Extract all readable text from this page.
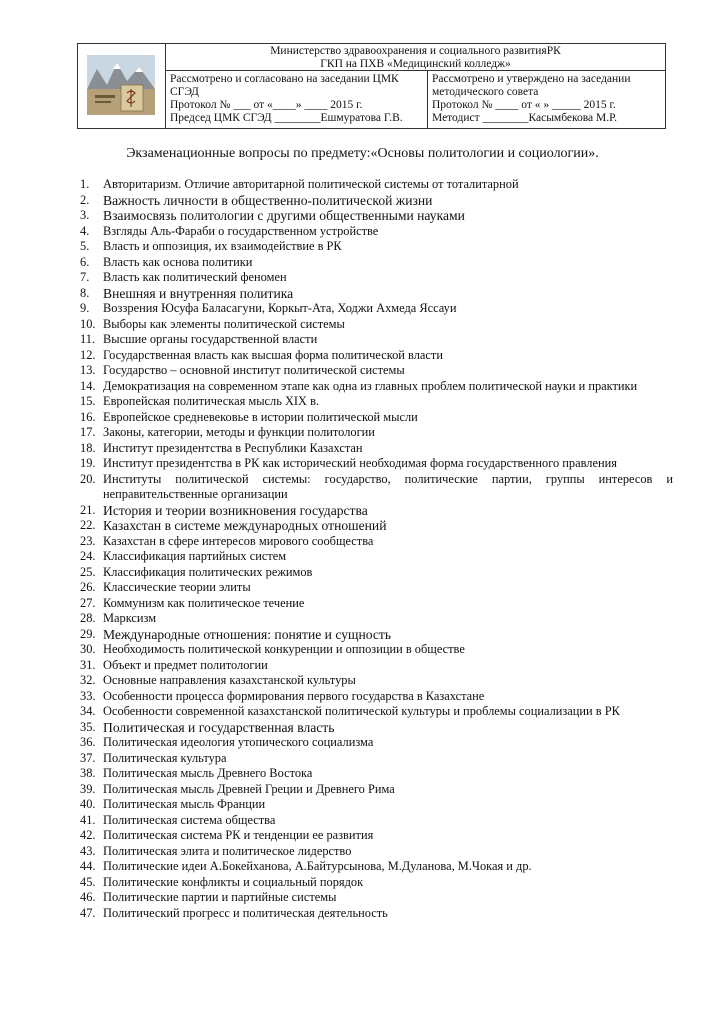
Министерство здравоохранения и социального развитияРК
ГКП на ПХВ «Медицинский колледж»
Рассмотрено и согласовано на заседании ЦМК
СГЭД
Протокол № ___ от «____» ____ 2015 г.
Председ ЦМК СГЭД ________Ешмуратова Г.В.
Рассмотрено и утверждено на заседании
методического совета
Протокол № ____ от « » _____ 2015 г.
Методист ________Касымбекова М.Р.
Экзаменационные вопросы по предмету:«Основы политологии и социологии».
1. Авторитаризм. Отличие авторитарной политической системы от тоталитарной
2. Важность личности в общественно-политической жизни
3. Взаимосвязь политологии с другими общественными науками
4. Взгляды Аль-Фараби о государственном устройстве
5. Власть и оппозиция, их взаимодействие в РК
6. Власть как основа политики
7. Власть как политический феномен
8. Внешняя и внутренняя политика
9. Воззрения Юсуфа Баласагуни, Коркыт-Ата, Ходжи Ахмеда Яссауи
10. Выборы как элементы политической системы
11. Высшие органы государственной власти
12. Государственная власть как высшая форма политической власти
13. Государство – основной институт политической системы
14. Демократизация на современном этапе как одна из главных проблем политической науки и практики
15. Европейская политическая мысль XIX в.
16. Европейское средневековье в истории политической мысли
17. Законы, категории, методы и функции политологии
18. Институт президентства в Республики Казахстан
19. Институт президентства в РК как исторический необходимая форма государственного правления
20. Институты политической системы: государство, политические партии, группы интересов и неправительственные организации
21. История и теории возникновения государства
22. Казахстан в системе международных отношений
23. Казахстан в сфере интересов мирового сообщества
24. Классификация партийных систем
25. Классификация политических режимов
26. Классические теории элиты
27. Коммунизм как политическое течение
28. Марксизм
29. Международные отношения: понятие и сущность
30. Необходимость политической конкуренции и оппозиции в обществе
31. Объект и предмет политологии
32. Основные направления казахстанской культуры
33. Особенности процесса формирования первого государства в Казахстане
34. Особенности современной казахстанской политической культуры и проблемы социализации в РК
35. Политическая и государственная власть
36. Политическая идеология утопического социализма
37. Политическая культура
38. Политическая мысль Древнего Востока
39. Политическая мысль Древней Греции и Древнего Рима
40. Политическая мысль Франции
41. Политическая система общества
42. Политическая система РК и тенденции ее развития
43. Политическая элита и политическое лидерство
44. Политические идеи А.Бокейханова, А.Байтурсынова, М.Дуланова, М.Чокая и др.
45. Политические конфликты и социальный порядок
46. Политические партии и партийные системы
47. Политический прогресс и политическая деятельность
